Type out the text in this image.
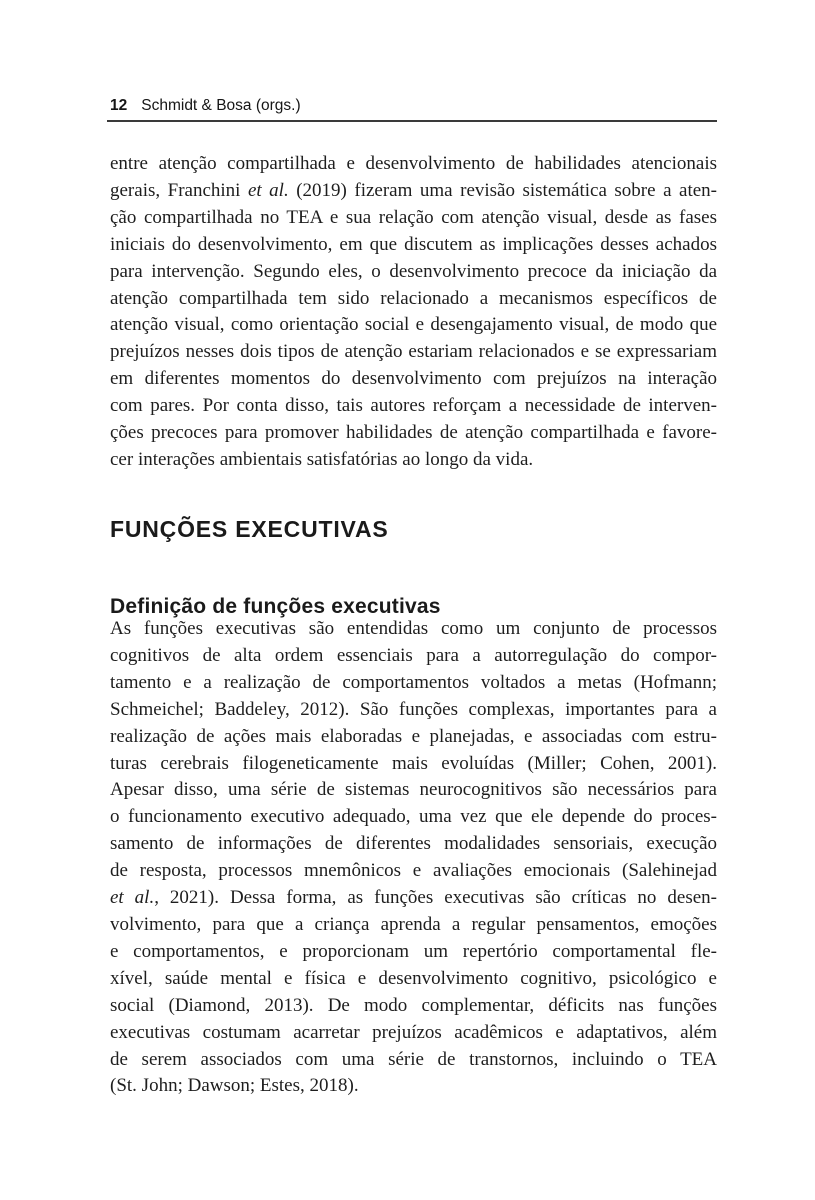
12 Schmidt & Bosa (orgs.)
entre atenção compartilhada e desenvolvimento de habilidades atencionais
gerais, Franchini et al. (2019) fizeram uma revisão sistemática sobre a aten-
ção compartilhada no TEA e sua relação com atenção visual, desde as fases
iniciais do desenvolvimento, em que discutem as implicações desses achados
para intervenção. Segundo eles, o desenvolvimento precoce da iniciação da
atenção compartilhada tem sido relacionado a mecanismos específicos de
atenção visual, como orientação social e desengajamento visual, de modo que
prejuízos nesses dois tipos de atenção estariam relacionados e se expressariam
em diferentes momentos do desenvolvimento com prejuízos na interação
com pares. Por conta disso, tais autores reforçam a necessidade de interven-
ções precoces para promover habilidades de atenção compartilhada e favore-
cer interações ambientais satisfatórias ao longo da vida.
FUNÇÕES EXECUTIVAS
Definição de funções executivas
As funções executivas são entendidas como um conjunto de processos
cognitivos de alta ordem essenciais para a autorregulação do compor-
tamento e a realização de comportamentos voltados a metas (Hofmann;
Schmeichel; Baddeley, 2012). São funções complexas, importantes para a
realização de ações mais elaboradas e planejadas, e associadas com estru-
turas cerebrais filogeneticamente mais evoluídas (Miller; Cohen, 2001).
Apesar disso, uma série de sistemas neurocognitivos são necessários para
o funcionamento executivo adequado, uma vez que ele depende do proces-
samento de informações de diferentes modalidades sensoriais, execução
de resposta, processos mnemônicos e avaliações emocionais (Salehinejad
et al., 2021). Dessa forma, as funções executivas são críticas no desen-
volvimento, para que a criança aprenda a regular pensamentos, emoções
e comportamentos, e proporcionam um repertório comportamental fle-
xível, saúde mental e física e desenvolvimento cognitivo, psicológico e
social (Diamond, 2013). De modo complementar, déficits nas funções
executivas costumam acarretar prejuízos acadêmicos e adaptativos, além
de serem associados com uma série de transtornos, incluindo o TEA
(St. John; Dawson; Estes, 2018).
